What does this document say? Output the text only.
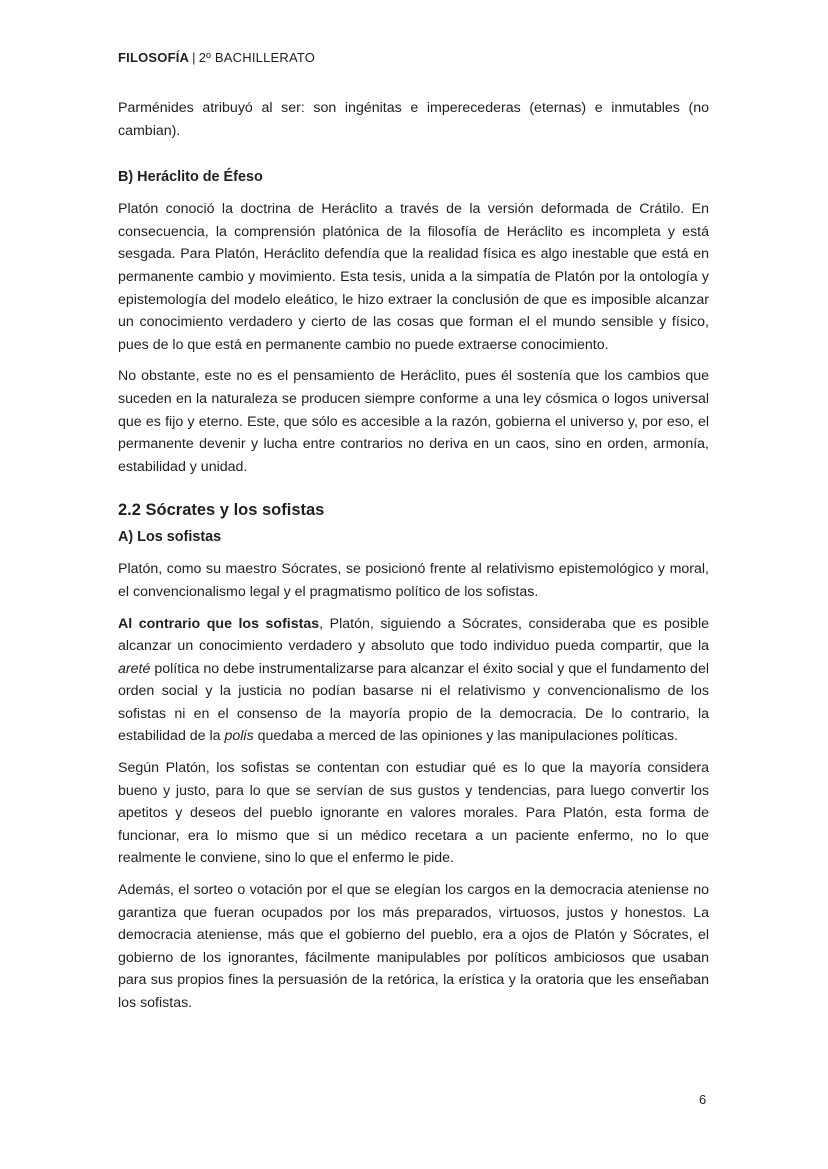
FILOSOFÍA | 2º BACHILLERATO

Parménides atribuyó al ser: son ingénitas e imperecederas (eternas) e inmutables (no cambian).

B) Heráclito de Éfeso

Platón conoció la doctrina de Heráclito a través de la versión deformada de Crátilo. En consecuencia, la comprensión platónica de la filosofía de Heráclito es incompleta y está sesgada. Para Platón, Heráclito defendía que la realidad física es algo inestable que está en permanente cambio y movimiento. Esta tesis, unida a la simpatía de Platón por la ontología y epistemología del modelo eleático, le hizo extraer la conclusión de que es imposible alcanzar un conocimiento verdadero y cierto de las cosas que forman el el mundo sensible y físico, pues de lo que está en permanente cambio no puede extraerse conocimiento.

No obstante, este no es el pensamiento de Heráclito, pues él sostenía que los cambios que suceden en la naturaleza se producen siempre conforme a una ley cósmica o logos universal que es fijo y eterno. Este, que sólo es accesible a la razón, gobierna el universo y, por eso, el permanente devenir y lucha entre contrarios no deriva en un caos, sino en orden, armonía, estabilidad y unidad.

2.2 Sócrates y los sofistas
A) Los sofistas

Platón, como su maestro Sócrates, se posicionó frente al relativismo epistemológico y moral, el convencionalismo legal y el pragmatismo político de los sofistas.

Al contrario que los sofistas, Platón, siguiendo a Sócrates, consideraba que es posible alcanzar un conocimiento verdadero y absoluto que todo individuo pueda compartir, que la areté política no debe instrumentalizarse para alcanzar el éxito social y que el fundamento del orden social y la justicia no podían basarse ni el relativismo y convencionalismo de los sofistas ni en el consenso de la mayoría propio de la democracia. De lo contrario, la estabilidad de la polis quedaba a merced de las opiniones y las manipulaciones políticas.

Según Platón, los sofistas se contentan con estudiar qué es lo que la mayoría considera bueno y justo, para lo que se servían de sus gustos y tendencias, para luego convertir los apetitos y deseos del pueblo ignorante en valores morales. Para Platón, esta forma de funcionar, era lo mismo que si un médico recetara a un paciente enfermo, no lo que realmente le conviene, sino lo que el enfermo le pide.

Además, el sorteo o votación por el que se elegían los cargos en la democracia ateniense no garantiza que fueran ocupados por los más preparados, virtuosos, justos y honestos. La democracia ateniense, más que el gobierno del pueblo, era a ojos de Platón y Sócrates, el gobierno de los ignorantes, fácilmente manipulables por políticos ambiciosos que usaban para sus propios fines la persuasión de la retórica, la erística y la oratoria que les enseñaban los sofistas.

6
